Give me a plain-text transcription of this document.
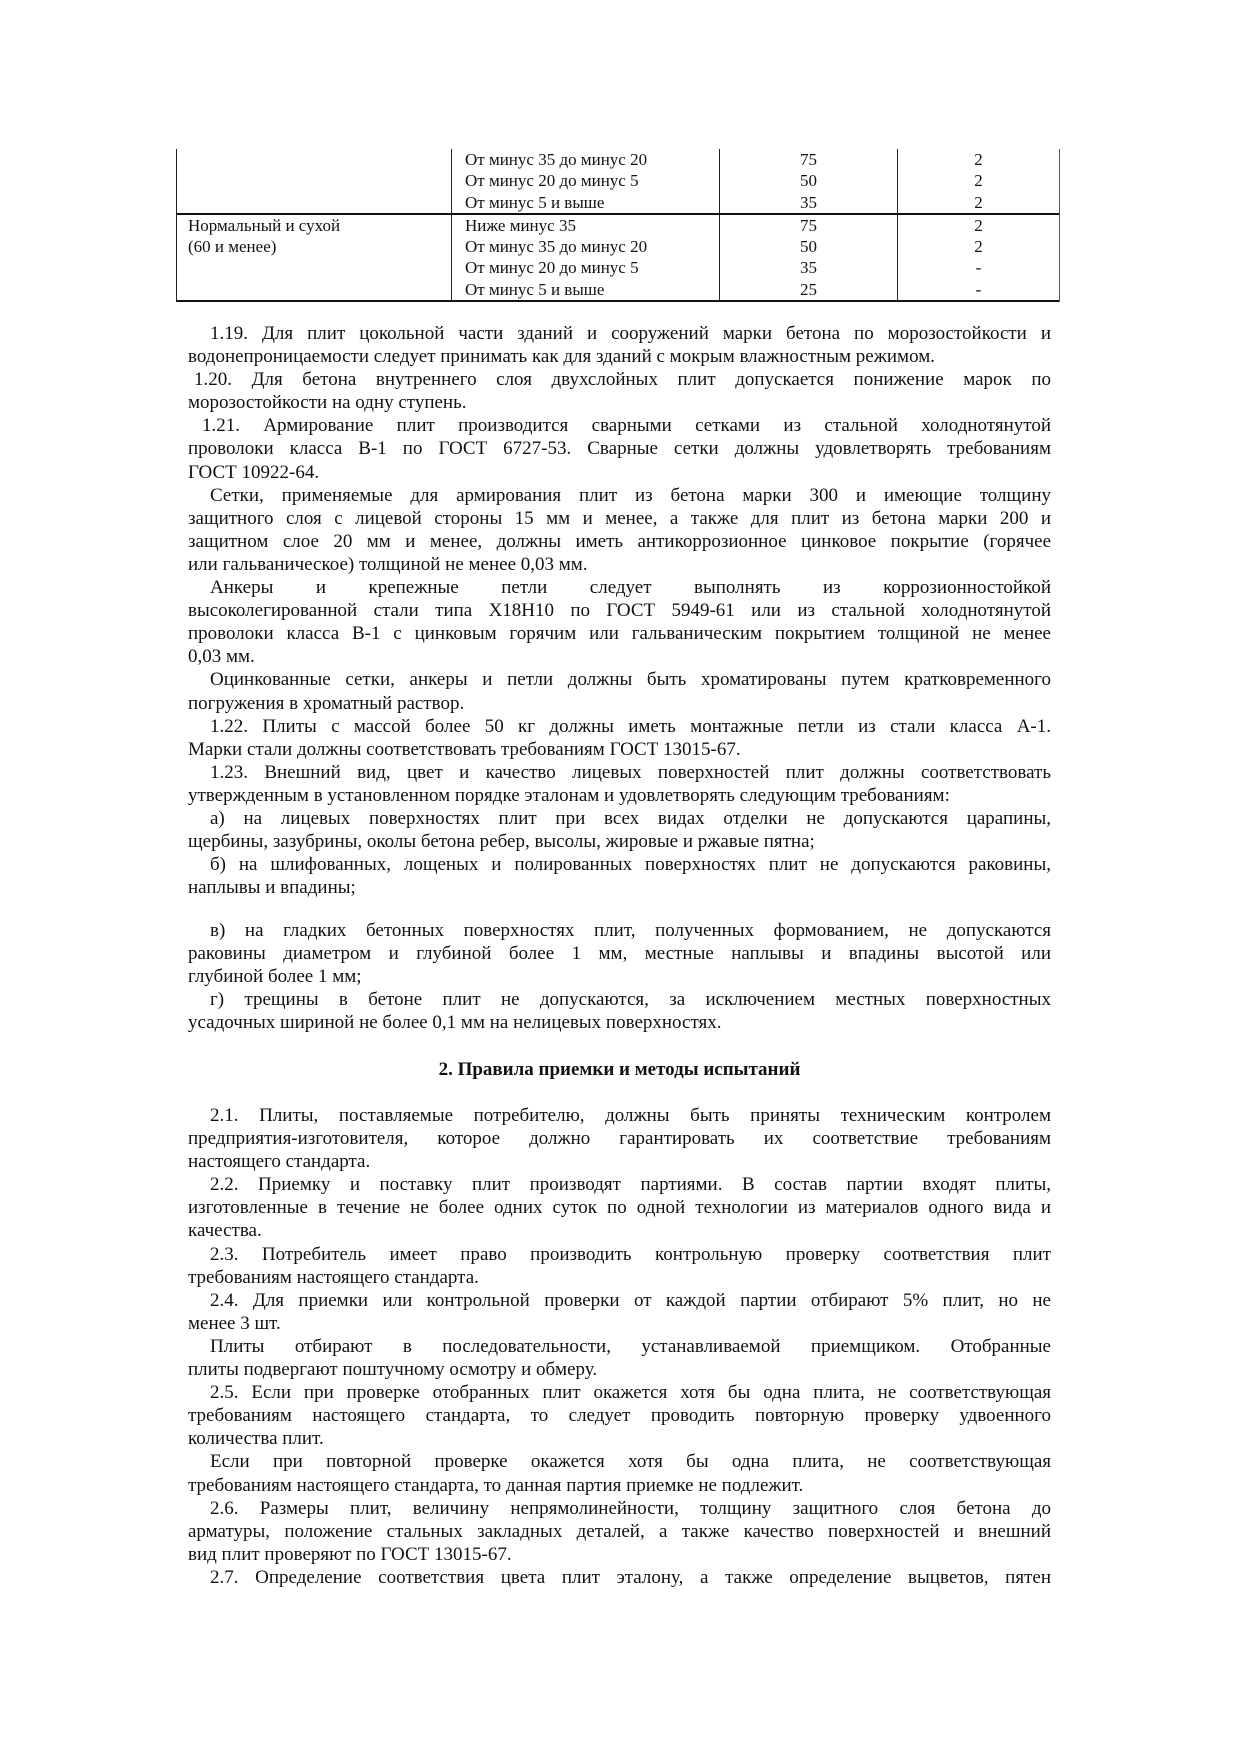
От минус 35 до минус 20
От минус 20 до минус 5
От минус 5 и выше
75
50
35
2
2
2
Нормальный и сухой
(60 и менее)
Ниже минус 35
От минус 35 до минус 20
От минус 20 до минус 5
От минус 5 и выше
75
50
35
25
2
2
-
-
1.19. Для плит цокольной части зданий и сооружений марки бетона по морозостойкости и
водонепроницаемости следует принимать как для зданий с мокрым влажностным режимом.
1.20. Для бетона внутреннего слоя двухслойных плит допускается понижение марок по
морозостойкости на одну ступень.
1.21. Армирование плит производится сварными сетками из стальной холоднотянутой
проволоки класса В-1 по ГОСТ 6727-53. Сварные сетки должны удовлетворять требованиям
ГОСТ 10922-64.
Сетки, применяемые для армирования плит из бетона марки 300 и имеющие толщину
защитного слоя с лицевой стороны 15 мм и менее, а также для плит из бетона марки 200 и
защитном слое 20 мм и менее, должны иметь антикоррозионное цинковое покрытие (горячее
или гальваническое) толщиной не менее 0,03 мм.
Анкеры и крепежные петли следует выполнять из коррозионностойкой
высоколегированной стали типа Х18Н10 по ГОСТ 5949-61 или из стальной холоднотянутой
проволоки класса В-1 с цинковым горячим или гальваническим покрытием толщиной не менее
0,03 мм.
Оцинкованные сетки, анкеры и петли должны быть хроматированы путем кратковременного
погружения в хроматный раствор.
1.22. Плиты с массой более 50 кг должны иметь монтажные петли из стали класса А-1.
Марки стали должны соответствовать требованиям ГОСТ 13015-67.
1.23. Внешний вид, цвет и качество лицевых поверхностей плит должны соответствовать
утвержденным в установленном порядке эталонам и удовлетворять следующим требованиям:
а) на лицевых поверхностях плит при всех видах отделки не допускаются царапины,
щербины, зазубрины, околы бетона ребер, высолы, жировые и ржавые пятна;
б) на шлифованных, лощеных и полированных поверхностях плит не допускаются раковины,
наплывы и впадины;
в) на гладких бетонных поверхностях плит, полученных формованием, не допускаются
раковины диаметром и глубиной более 1 мм, местные наплывы и впадины высотой или
глубиной более 1 мм;
г) трещины в бетоне плит не допускаются, за исключением местных поверхностных
усадочных шириной не более 0,1 мм на нелицевых поверхностях.
2. Правила приемки и методы испытаний
2.1. Плиты, поставляемые потребителю, должны быть приняты техническим контролем
предприятия-изготовителя, которое должно гарантировать их соответствие требованиям
настоящего стандарта.
2.2. Приемку и поставку плит производят партиями. В состав партии входят плиты,
изготовленные в течение не более одних суток по одной технологии из материалов одного вида и
качества.
2.3. Потребитель имеет право производить контрольную проверку соответствия плит
требованиям настоящего стандарта.
2.4. Для приемки или контрольной проверки от каждой партии отбирают 5% плит, но не
менее 3 шт.
Плиты отбирают в последовательности, устанавливаемой приемщиком. Отобранные
плиты подвергают поштучному осмотру и обмеру.
2.5. Если при проверке отобранных плит окажется хотя бы одна плита, не соответствующая
требованиям настоящего стандарта, то следует проводить повторную проверку удвоенного
количества плит.
Если при повторной проверке окажется хотя бы одна плита, не соответствующая
требованиям настоящего стандарта, то данная партия приемке не подлежит.
2.6. Размеры плит, величину непрямолинейности, толщину защитного слоя бетона до
арматуры, положение стальных закладных деталей, а также качество поверхностей и внешний
вид плит проверяют по ГОСТ 13015-67.
2.7. Определение соответствия цвета плит эталону, а также определение выцветов, пятен
